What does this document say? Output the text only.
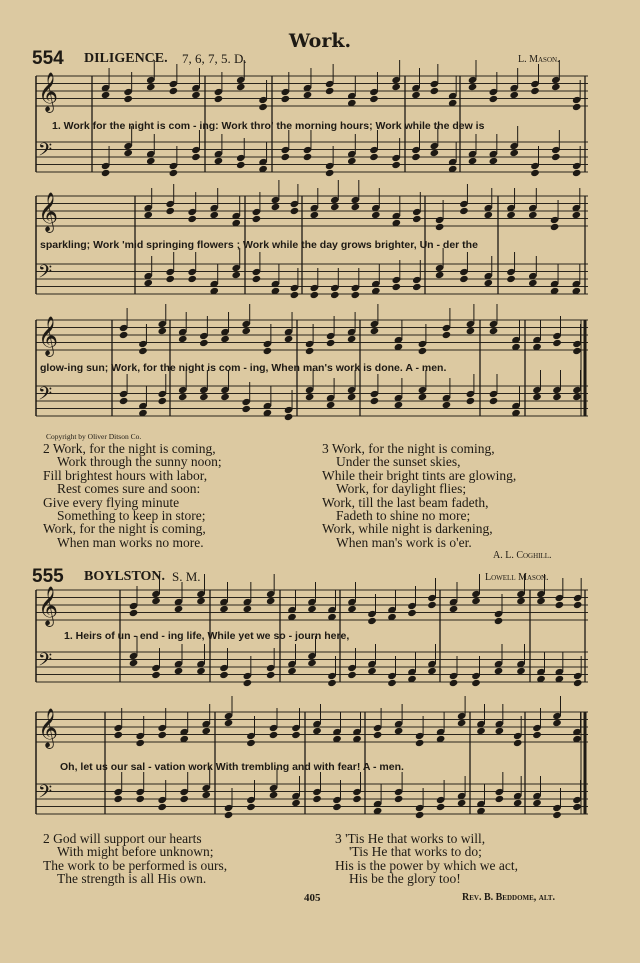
𝄞
𝄢
𝄞
𝄢
𝄞
𝄢
𝄞
𝄢
𝄞
𝄢
Work.
554 DILIGENCE. 7, 6, 7, 5. D.	L. Mason.
1. Work for the night is com - ing: Work thro' the morning hours; Work while the dew is
sparkling; Work 'mid springing flowers ; Work while the day grows brighter, Un - der the
glow-ing sun; Work, for the night is com - ing, When man's work is done. A - men.
Copyright by Oliver Ditson Co.
2 Work, for the night is coming,
Work through the sunny noon;
Fill brightest hours with labor,
Rest comes sure and soon:
Give every flying minute
Something to keep in store;
Work, for the night is coming,
When man works no more.
3 Work, for the night is coming,
Under the sunset skies,
While their bright tints are glowing,
Work, for daylight flies;
Work, till the last beam fadeth,
Fadeth to shine no more;
Work, while night is darkening,
When man's work is o'er.
A. L. Coghill.
555 BOYLSTON. S. M.	Lowell Mason.
1. Heirs of un - end - ing life, While yet we so - journ here,
Oh, let us our sal - vation work With trembling and with fear! A - men.
2 God will support our hearts
With might before unknown;
The work to be performed is ours,
The strength is all His own.
3 'Tis He that works to will,
'Tis He that works to do;
His is the power by which we act,
His be the glory too!
405	Rev. B. Beddome, alt.
